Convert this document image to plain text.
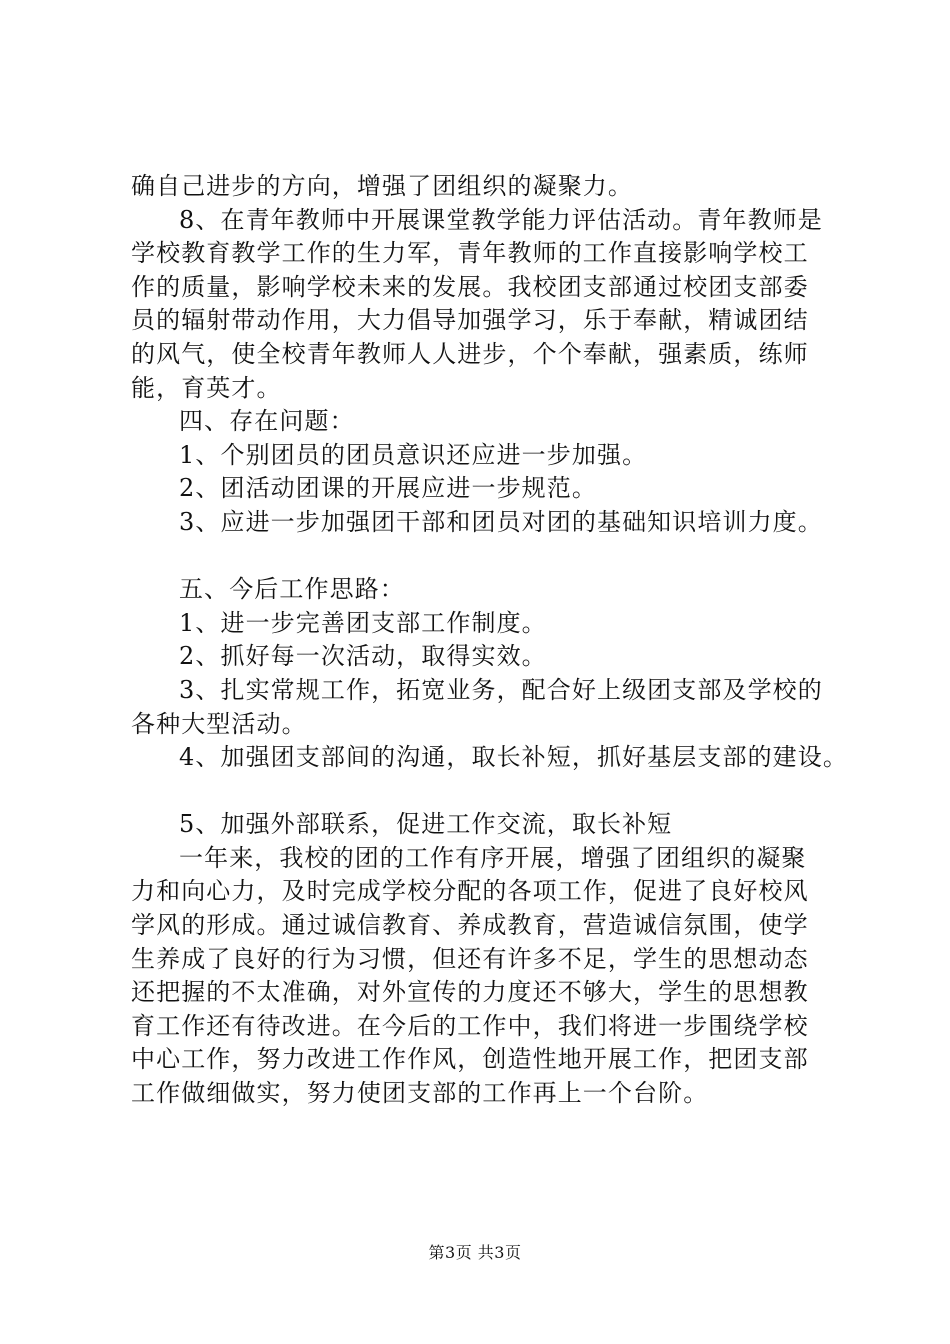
确自己进步的方向，增强了团组织的凝聚力。
8、在青年教师中开展课堂教学能力评估活动。青年教师是
学校教育教学工作的生力军，青年教师的工作直接影响学校工
作的质量，影响学校未来的发展。我校团支部通过校团支部委
员的辐射带动作用，大力倡导加强学习，乐于奉献，精诚团结
的风气，使全校青年教师人人进步，个个奉献，强素质，练师
能，育英才。
四、存在问题：
1、个别团员的团员意识还应进一步加强。
2、团活动团课的开展应进一步规范。
3、应进一步加强团干部和团员对团的基础知识培训力度。
五、今后工作思路：
1、进一步完善团支部工作制度。
2、抓好每一次活动，取得实效。
3、扎实常规工作，拓宽业务，配合好上级团支部及学校的
各种大型活动。
4、加强团支部间的沟通，取长补短，抓好基层支部的建设。
5、加强外部联系，促进工作交流，取长补短
一年来，我校的团的工作有序开展，增强了团组织的凝聚
力和向心力，及时完成学校分配的各项工作，促进了良好校风
学风的形成。通过诚信教育、养成教育，营造诚信氛围，使学
生养成了良好的行为习惯，但还有许多不足，学生的思想动态
还把握的不太准确，对外宣传的力度还不够大，学生的思想教
育工作还有待改进。在今后的工作中，我们将进一步围绕学校
中心工作，努力改进工作作风，创造性地开展工作，把团支部
工作做细做实，努力使团支部的工作再上一个台阶。
第3页 共3页
